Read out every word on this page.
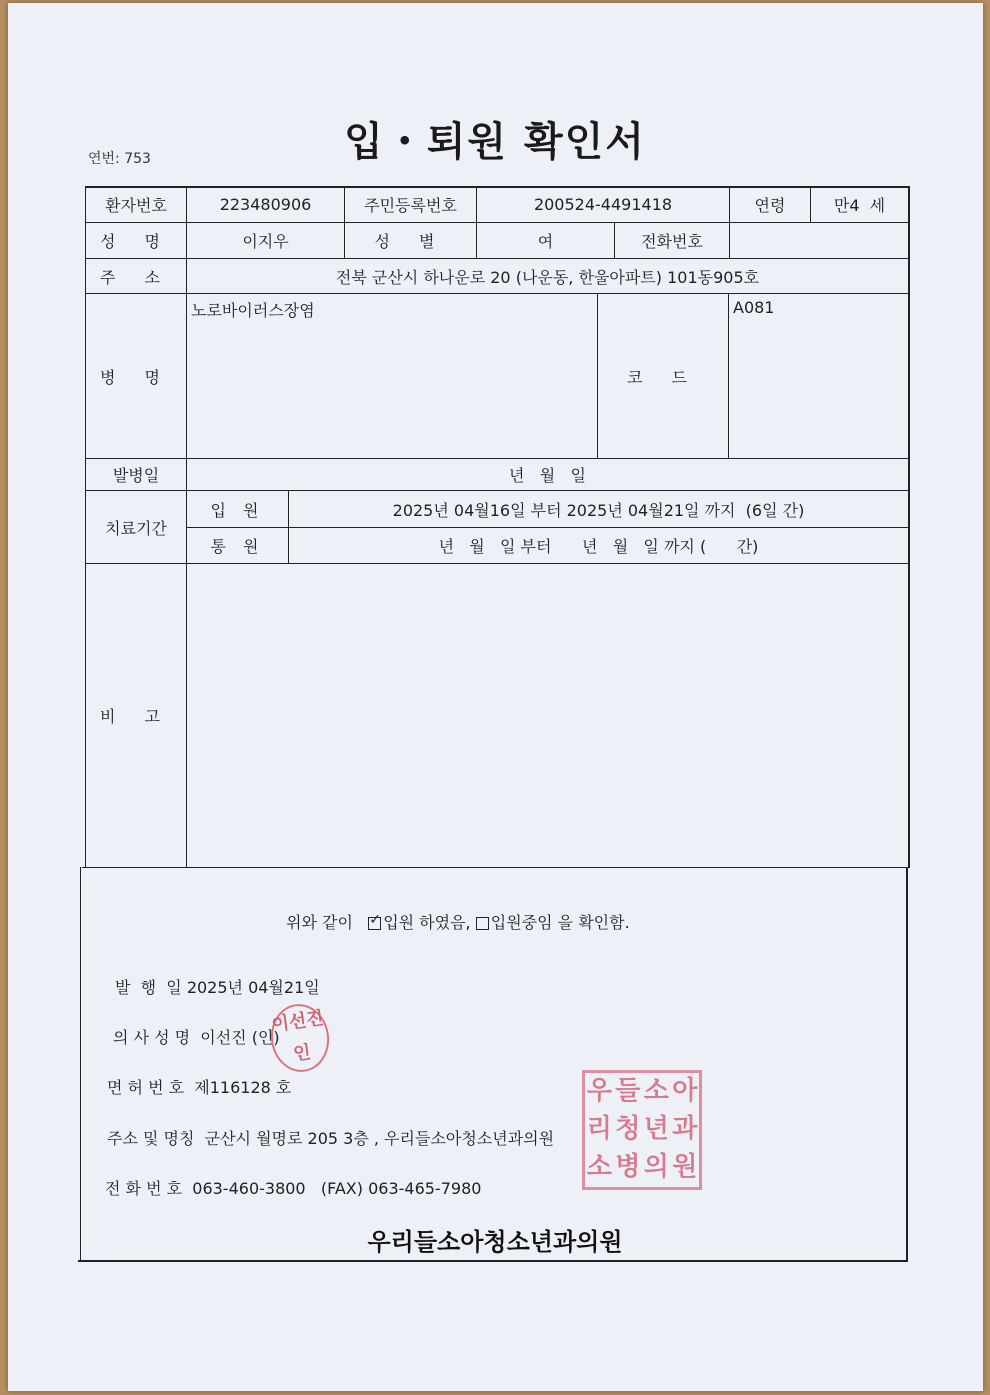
입・퇴원 확인서
연번: 753
환자번호	223480906	주민등록번호	200524-4491418	연령	만4  세
성 명	이지우	성 별	여	전화번호
주 소	전북 군산시 하나운로 20 (나운동, 한울아파트) 101동905호
병 명
노로바이러스장염
코 드
A081
발병일	년   월   일
치료기간
입 원	2025년 04월16일 부터 2025년 04월21일 까지  (6일 간)
통 원	년   월   일 부터      년   월   일 까지 (      간)
비 고
위와 같이   ✓ 입원 하였음, 입원중임 을 확인함.
발  행  일 2025년 04월21일
의 사 성 명 이선진 (인)
면 허 번 호 제116128 호
주소 및 명칭 군산시 월명로 205 3층 , 우리들소아청소년과의원
전 화 번 호 063-460-3800   (FAX) 063-465-7980
이
선
진
인
우 들 소 아
리 청 년 과
소 병 의 원
우리들소아청소년과의원
